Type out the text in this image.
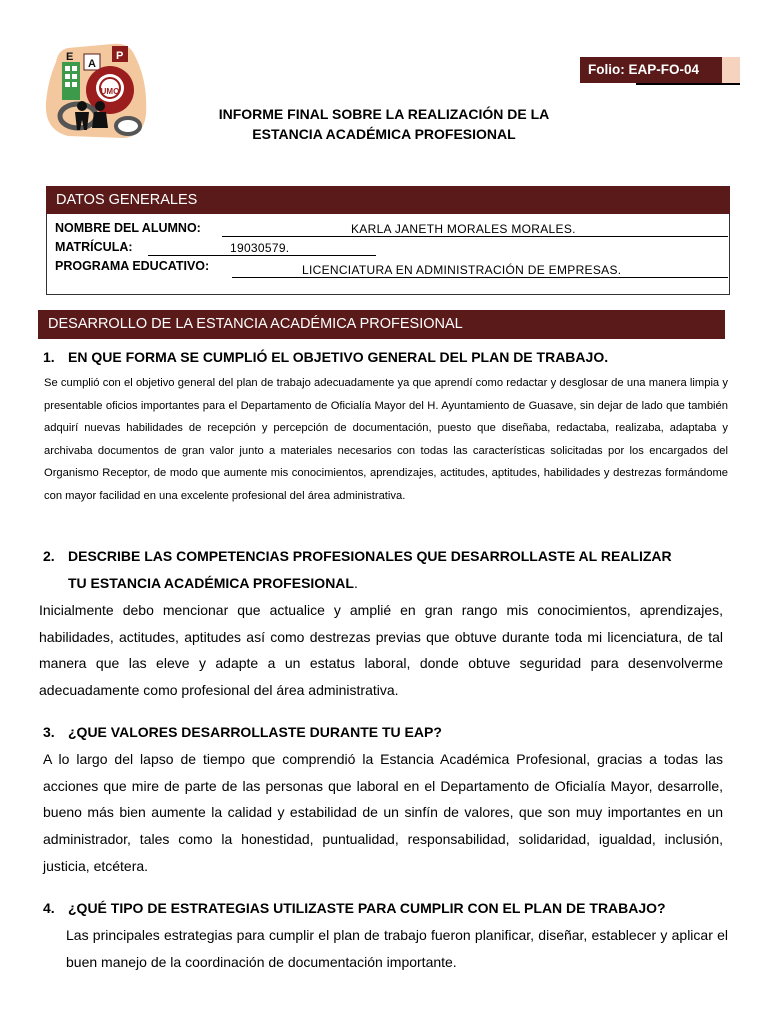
E
A
P
UMO
Folio: EAP-FO-04
INFORME FINAL SOBRE LA REALIZACIÓN DE LA
ESTANCIA ACADÉMICA PROFESIONAL
DATOS GENERALES
NOMBRE DEL ALUMNO:	KARLA JANETH MORALES MORALES.
MATRÍCULA:	19030579.
PROGRAMA EDUCATIVO:	LICENCIATURA EN ADMINISTRACIÓN DE EMPRESAS.
DESARROLLO DE LA ESTANCIA ACADÉMICA PROFESIONAL
1. EN QUE FORMA SE CUMPLIÓ EL OBJETIVO GENERAL DEL PLAN DE TRABAJO.
Se cumplió con el objetivo general del plan de trabajo adecuadamente ya que aprendí como redactar y desglosar de una manera limpia y presentable oficios importantes para el Departamento de Oficialía Mayor del H. Ayuntamiento de Guasave, sin dejar de lado que también adquirí nuevas habilidades de recepción y percepción de documentación, puesto que diseñaba, redactaba, realizaba, adaptaba y archivaba documentos de gran valor junto a materiales necesarios con todas las características solicitadas por los encargados del Organismo Receptor, de modo que aumente mis conocimientos, aprendizajes, actitudes, aptitudes, habilidades y destrezas formándome con mayor facilidad en una excelente profesional del área administrativa.
2. DESCRIBE LAS COMPETENCIAS PROFESIONALES QUE DESARROLLASTE AL REALIZAR
TU ESTANCIA ACADÉMICA PROFESIONAL.
Inicialmente debo mencionar que actualice y amplié en gran rango mis conocimientos, aprendizajes, habilidades, actitudes, aptitudes así como destrezas previas que obtuve durante toda mi licenciatura, de tal manera que las eleve y adapte a un estatus laboral, donde obtuve seguridad para desenvolverme adecuadamente como profesional del área administrativa.
3. ¿QUE VALORES DESARROLLASTE DURANTE TU EAP?
A lo largo del lapso de tiempo que comprendió la Estancia Académica Profesional, gracias a todas las acciones que mire de parte de las personas que laboral en el Departamento de Oficialía Mayor, desarrolle, bueno más bien aumente la calidad y estabilidad de un sinfín de valores, que son muy importantes en un administrador, tales como la honestidad, puntualidad, responsabilidad, solidaridad, igualdad, inclusión, justicia, etcétera.
4. ¿QUÉ TIPO DE ESTRATEGIAS UTILIZASTE PARA CUMPLIR CON EL PLAN DE TRABAJO?
Las principales estrategias para cumplir el plan de trabajo fueron planificar, diseñar, establecer y aplicar el buen manejo de la coordinación de documentación importante.
